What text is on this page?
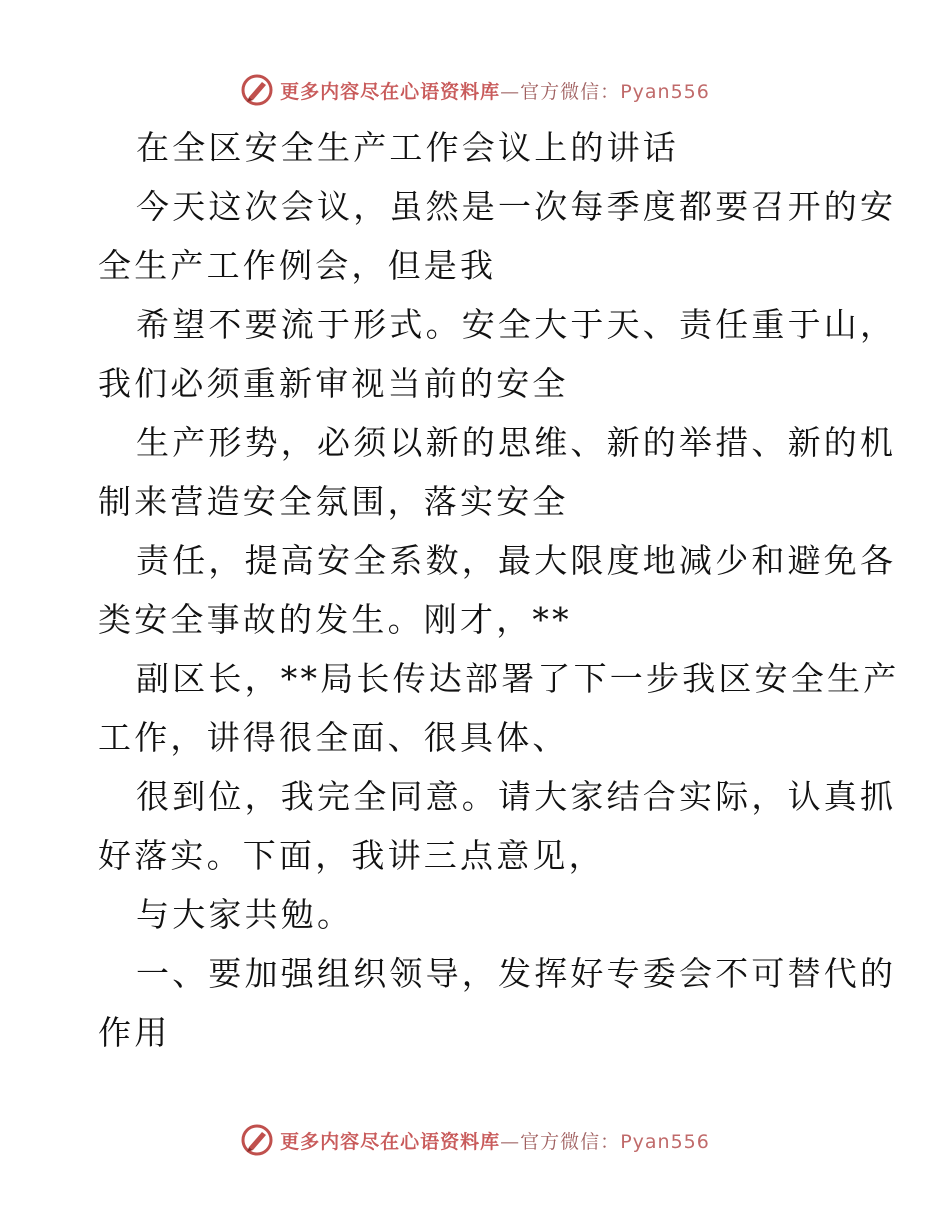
更多内容尽在心语资料库—官方微信：Pyan556
在全区安全生产工作会议上的讲话
今天这次会议，虽然是一次每季度都要召开的安
全生产工作例会，但是我
希望不要流于形式。安全大于天、责任重于山，
我们必须重新审视当前的安全
生产形势，必须以新的思维、新的举措、新的机
制来营造安全氛围，落实安全
责任，提高安全系数，最大限度地减少和避免各
类安全事故的发生。刚才，**
副区长，**局长传达部署了下一步我区安全生产
工作，讲得很全面、很具体、
很到位，我完全同意。请大家结合实际，认真抓
好落实。下面，我讲三点意见，
与大家共勉。
一、要加强组织领导，发挥好专委会不可替代的
作用
更多内容尽在心语资料库—官方微信：Pyan556
